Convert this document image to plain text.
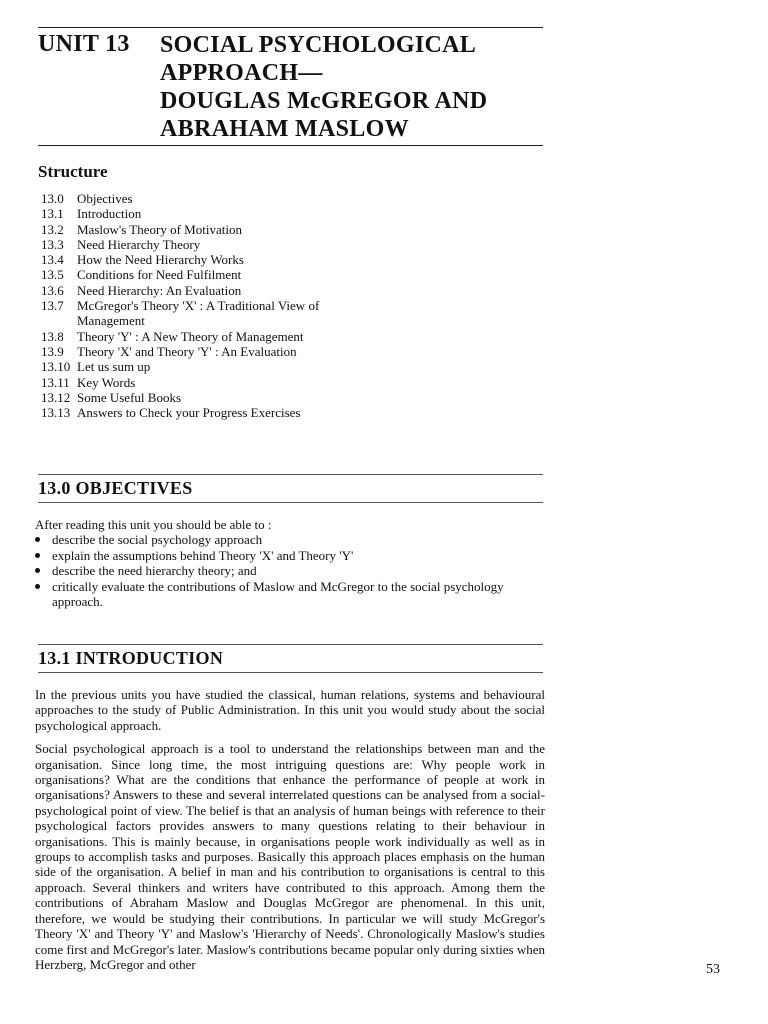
UNIT 13 SOCIAL PSYCHOLOGICAL
APPROACH—
DOUGLAS McGREGOR AND
ABRAHAM MASLOW
Structure
13.0	Objectives
13.1	Introduction
13.2	Maslow's Theory of Motivation
13.3	Need Hierarchy Theory
13.4	How the Need Hierarchy Works
13.5	Conditions for Need Fulfilment
13.6	Need Hierarchy: An Evaluation
13.7	McGregor's Theory 'X' : A Traditional View of
Management
13.8	Theory 'Y' : A New Theory of Management
13.9	Theory 'X' and Theory 'Y' : An Evaluation
13.10 Let us sum up
13.11 Key Words
13.12 Some Useful Books
13.13 Answers to Check your Progress Exercises
13.0 OBJECTIVES
After reading this unit you should be able to :
describe the social psychology approach
explain the assumptions behind Theory 'X' and Theory 'Y'
describe the need hierarchy theory; and
critically evaluate the contributions of Maslow and McGregor to the social psychology approach.
13.1 INTRODUCTION

In the previous units you have studied the classical, human relations, systems and behavioural approaches to the study of Public Administration. In this unit you would study about the social psychological approach.

Social psychological approach is a tool to understand the relationships between man and the organisation. Since long time, the most intriguing questions are: Why people work in organisations? What are the conditions that enhance the performance of people at work in organisations? Answers to these and several interrelated questions can be analysed from a social-psychological point of view. The belief is that an analysis of human beings with reference to their psychological factors provides answers to many questions relating to their behaviour in organisations. This is mainly because, in organisations people work individually as well as in groups to accomplish tasks and purposes. Basically this approach places emphasis on the human side of the organisation. A belief in man and his contribution to organisations is central to this approach. Several thinkers and writers have contributed to this approach. Among them the contributions of Abraham Maslow and Douglas McGregor are phenomenal. In this unit, therefore, we would be studying their contributions. In particular we will study McGregor's Theory 'X' and Theory 'Y' and Maslow's 'Hierarchy of Needs'. Chronologically Maslow's studies come first and McGregor's later. Maslow's contributions became popular only during sixties when Herzberg, McGregor and other	53
